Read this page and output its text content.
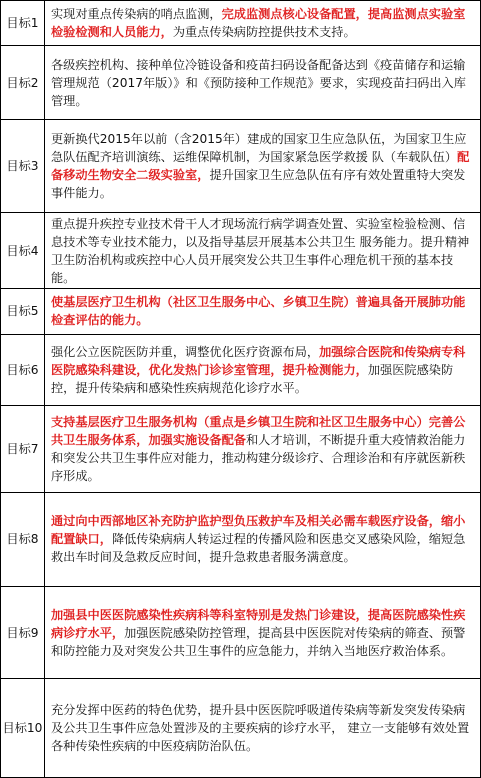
目标1	实现对重点传染病的哨点监测，完成监测点核心设备配置，提高监测点实验室检验检测和人员能力，为重点传染病防控提供技术支持。
目标2	各级疾控机构、接种单位冷链设备和疫苗扫码设备配备达到《疫苗储存和运输管理规范（2017年版）》和《预防接种工作规范》要求，实现疫苗扫码出入库管理。
目标3	更新换代2015年以前（含2015年）建成的国家卫生应急队伍，为国家卫生应急队伍配齐培训演练、运维保障机制，为国家紧急医学救援 队（车载队伍）配备移动生物安全二级实验室，提升国家卫生应急队伍有序有效处置重特大突发事件能力。
目标4	重点提升疾控专业技术骨干人才现场流行病学调查处置、实验室检验检测、信息技术等专业技术能力，以及指导基层开展基本公共卫生 服务能力。提升精神卫生防治机构或疾控中心人员开展突发公共卫生事件心理危机干预的基本技能。
目标5	使基层医疗卫生机构（社区卫生服务中心、乡镇卫生院）普遍具备开展肺功能检查评估的能力。
目标6	强化公立医院医防并重，调整优化医疗资源布局，加强综合医院和传染病专科医院感染科建设，优化发热门诊诊室管理，提升检测能力，加强医院感染防控，提升传染病和感染性疾病规范化诊疗水平。
目标7	支持基层医疗卫生服务机构（重点是乡镇卫生院和社区卫生服务中心）完善公共卫生服务体系，加强实施设备配备和人才培训，不断提升重大疫情救治能力和突发公共卫生事件应对能力，推动构建分级诊疗、合理诊治和有序就医新秩序形成。
目标8	通过向中西部地区补充防护监护型负压救护车及相关必需车载医疗设备，缩小配置缺口，降低传染病病人转运过程的传播风险和医患交叉感染风险，缩短急救出车时间及急救反应时间，提升急救患者服务满意度。
目标9	加强县中医医院感染性疾病科等科室特别是发热门诊建设，提高医院感染性疾病诊疗水平，加强医院感染防控管理，提高县中医医院对传染病的筛查、预警和防控能力及对突发公共卫生事件的应急能力，并纳入当地医疗救治体系。
目标10	充分发挥中医药的特色优势，提升县中医医院呼吸道传染病等新发突发传染病及公共卫生事件应急处置涉及的主要疾病的诊疗水平， 建立一支能够有效处置各种传染性疾病的中医疫病防治队伍。
